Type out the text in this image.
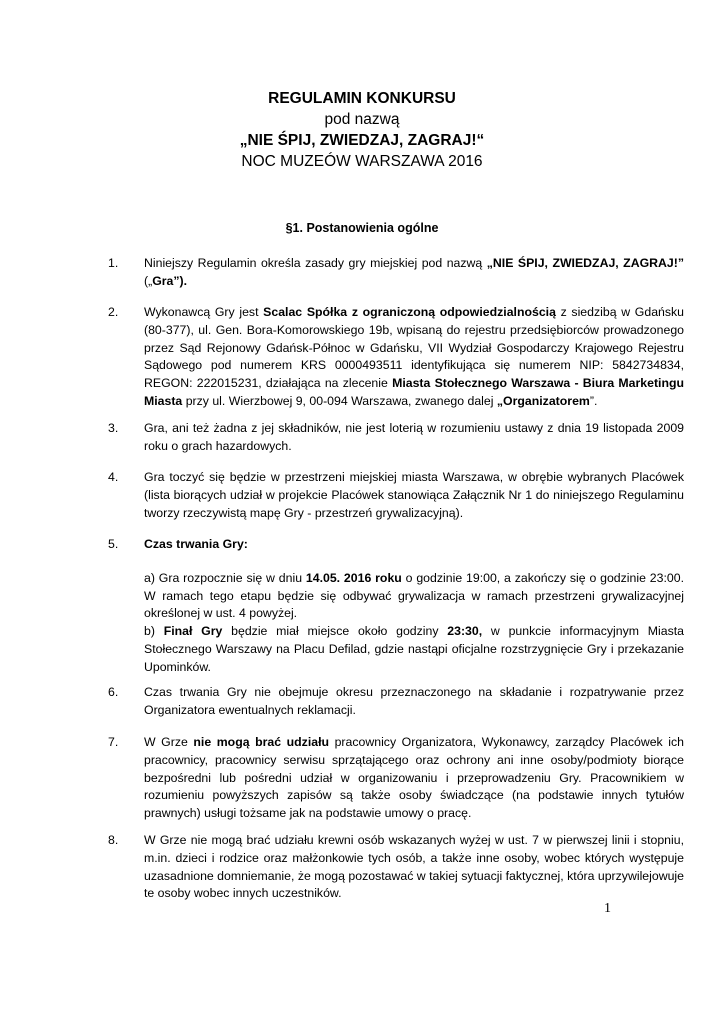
REGULAMIN KONKURSU
pod nazwą
„NIE ŚPIJ, ZWIEDZAJ, ZAGRAJ!“
NOC MUZEÓW WARSZAWA 2016
§1. Postanowienia ogólne
1. Niniejszy Regulamin określa zasady gry miejskiej pod nazwą „NIE ŚPIJ, ZWIEDZAJ, ZAGRAJ!” („Gra”).
2. Wykonawcą Gry jest Scalac Spółka z ograniczoną odpowiedzialnością z siedzibą w Gdańsku (80-377), ul. Gen. Bora-Komorowskiego 19b, wpisaną do rejestru przedsiębiorców prowadzonego przez Sąd Rejonowy Gdańsk-Północ w Gdańsku, VII Wydział Gospodarczy Krajowego Rejestru Sądowego pod numerem KRS 0000493511 identyfikująca się numerem NIP: 5842734834, REGON: 222015231, działająca na zlecenie Miasta Stołecznego Warszawa - Biura Marketingu Miasta przy ul. Wierzbowej 9, 00-094 Warszawa, zwanego dalej „Organizatorem”.
3. Gra, ani też żadna z jej składników, nie jest loterią w rozumieniu ustawy z dnia 19 listopada 2009 roku o grach hazardowych.
4. Gra toczyć się będzie w przestrzeni miejskiej miasta Warszawa, w obrębie wybranych Placówek (lista biorących udział w projekcie Placówek stanowiąca Załącznik Nr 1 do niniejszego Regulaminu tworzy rzeczywistą mapę Gry - przestrzeń grywalizacyjną).
5. Czas trwania Gry:

a) Gra rozpocznie się w dniu 14.05. 2016 roku o godzinie 19:00, a zakończy się o godzinie 23:00. W ramach tego etapu będzie się odbywać grywalizacja w ramach przestrzeni grywalizacyjnej określonej w ust. 4 powyżej.

b) Finał Gry będzie miał miejsce około godziny 23:30, w punkcie informacyjnym Miasta Stołecznego Warszawy na Placu Defilad, gdzie nastąpi oficjalne rozstrzygnięcie Gry i przekazanie Upominków.

6. Czas trwania Gry nie obejmuje okresu przeznaczonego na składanie i rozpatrywanie przez Organizatora ewentualnych reklamacji.
7. W Grze nie mogą brać udziału pracownicy Organizatora, Wykonawcy, zarządcy Placówek ich pracownicy, pracownicy serwisu sprzątającego oraz ochrony ani inne osoby/podmioty biorące bezpośredni lub pośredni udział w organizowaniu i przeprowadzeniu Gry. Pracownikiem w rozumieniu powyższych zapisów są także osoby świadczące (na podstawie innych tytułów prawnych) usługi tożsame jak na podstawie umowy o pracę.
8. W Grze nie mogą brać udziału krewni osób wskazanych wyżej w ust. 7 w pierwszej linii i stopniu, m.in. dzieci i rodzice oraz małżonkowie tych osób, a także inne osoby, wobec których występuje uzasadnione domniemanie, że mogą pozostawać w takiej sytuacji faktycznej, która uprzywilejowuje te osoby wobec innych uczestników.
1
